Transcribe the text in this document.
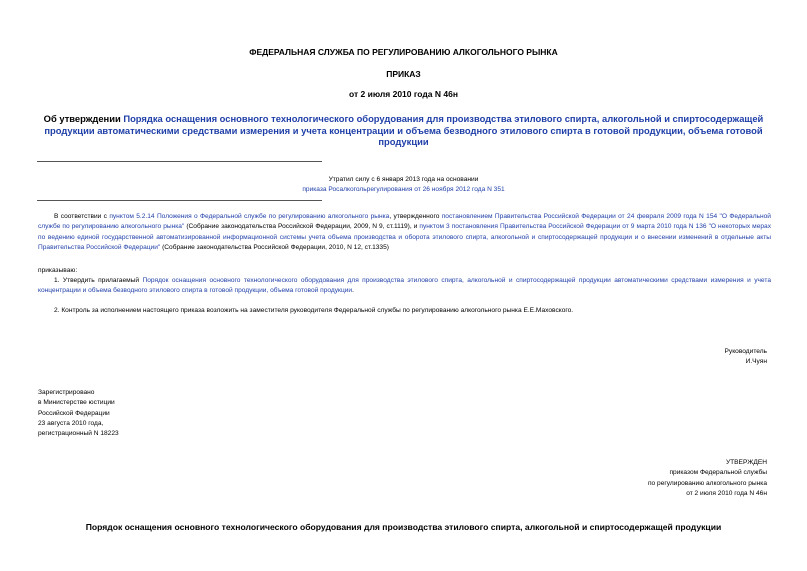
ФЕДЕРАЛЬНАЯ СЛУЖБА ПО РЕГУЛИРОВАНИЮ АЛКОГОЛЬНОГО РЫНКА
ПРИКАЗ
от 2 июля 2010 года N 46н
Об утверждении Порядка оснащения основного технологического оборудования для производства этилового спирта, алкогольной и спиртосодержащей продукции автоматическими средствами измерения и учета концентрации и объема безводного этилового спирта в готовой продукции, объема готовой продукции
Утратил силу с 6 января 2013 года на основании
приказа Росалкогольрегулирования от 26 ноября 2012 года N 351
В соответствии с пунктом 5.2.14 Положения о Федеральной службе по регулированию алкогольного рынка, утвержденного постановлением Правительства Российской Федерации от 24 февраля 2009 года N 154 "О Федеральной службе по регулированию алкогольного рынка" (Собрание законодательства Российской Федерации, 2009, N 9, ст.1119), и пунктом 3 постановления Правительства Российской Федерации от 9 марта 2010 года N 136 "О некоторых мерах по ведению единой государственной автоматизированной информационной системы учета объема производства и оборота этилового спирта, алкогольной и спиртосодержащей продукции и о внесении изменений в отдельные акты Правительства Российской Федерации" (Собрание законодательства Российской Федерации, 2010, N 12, ст.1335)
приказываю:
1. Утвердить прилагаемый Порядок оснащения основного технологического оборудования для производства этилового спирта, алкогольной и спиртосодержащей продукции автоматическими средствами измерения и учета концентрации и объема безводного этилового спирта в готовой продукции, объема готовой продукции.
2. Контроль за исполнением настоящего приказа возложить на заместителя руководителя Федеральной службы по регулированию алкогольного рынка Е.Е.Маховского.
Руководитель
И.Чуян
Зарегистрировано
в Министерстве юстиции
Российской Федерации
23 августа 2010 года,
регистрационный N 18223
УТВЕРЖДЕН
приказом Федеральной службы
по регулированию алкогольного рынка
от 2 июля 2010 года N 46н
Порядок оснащения основного технологического оборудования для производства этилового спирта, алкогольной и спиртосодержащей продукции
